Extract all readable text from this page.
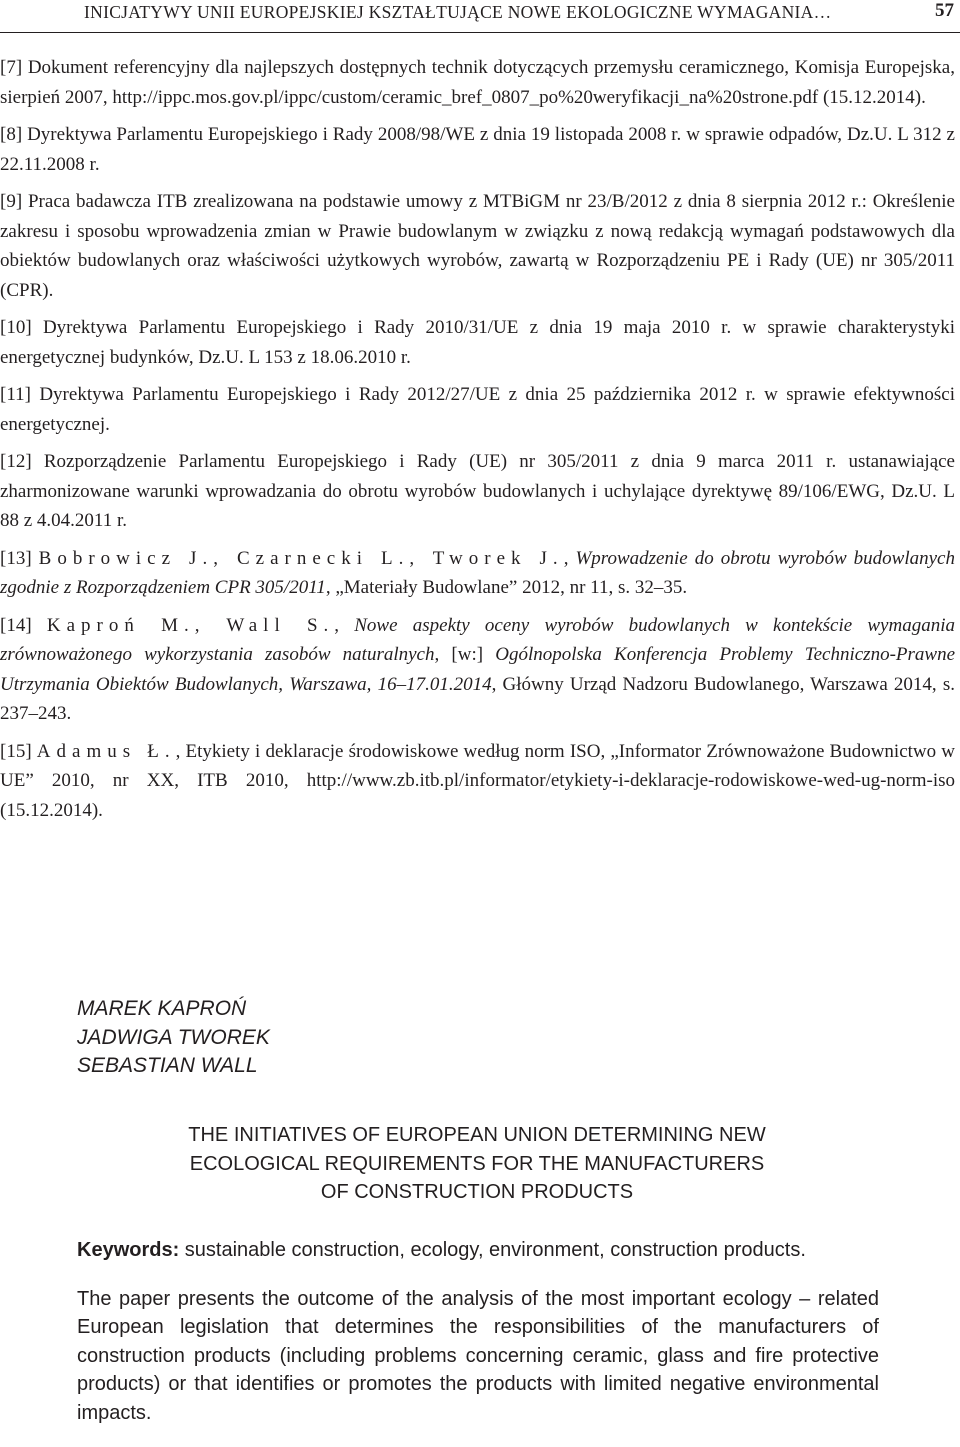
INICJATYWY UNII EUROPEJSKIEJ KSZTAŁTUJĄCE NOWE EKOLOGICZNE WYMAGANIA…	57

[7] Dokument referencyjny dla najlepszych dostępnych technik dotyczących przemysłu ceramicznego, Komisja Europejska, sierpień 2007, http://ippc.mos.gov.pl/ippc/custom/ceramic_bref_0807_po%20weryfikacji_na%20strone.pdf (15.12.2014).

[8] Dyrektywa Parlamentu Europejskiego i Rady 2008/98/WE z dnia 19 listopada 2008 r. w sprawie odpadów, Dz.U. L 312 z 22.11.2008 r.

[9] Praca badawcza ITB zrealizowana na podstawie umowy z MTBiGM nr 23/B/2012 z dnia 8 sierpnia 2012 r.: Określenie zakresu i sposobu wprowadzenia zmian w Prawie budowlanym w związku z nową redakcją wymagań podstawowych dla obiektów budowlanych oraz właściwości użytkowych wyrobów, zawartą w Rozporządzeniu PE i Rady (UE) nr 305/2011 (CPR).

[10] Dyrektywa Parlamentu Europejskiego i Rady 2010/31/UE z dnia 19 maja 2010 r. w sprawie charakterystyki energetycznej budynków, Dz.U. L 153 z 18.06.2010 r.

[11] Dyrektywa Parlamentu Europejskiego i Rady 2012/27/UE z dnia 25 października 2012 r. w sprawie efektywności energetycznej.

[12] Rozporządzenie Parlamentu Europejskiego i Rady (UE) nr 305/2011 z dnia 9 marca 2011 r. ustanawiające zharmonizowane warunki wprowadzania do obrotu wyrobów budowlanych i uchylające dyrektywę 89/106/EWG, Dz.U. L 88 z 4.04.2011 r.

[13] Bobrowicz J., Czarnecki L., Tworek J., Wprowadzenie do obrotu wyrobów budowlanych zgodnie z Rozporządzeniem CPR 305/2011, „Materiały Budowlane” 2012, nr 11, s. 32–35.

[14] Kaproń M., Wall S., Nowe aspekty oceny wyrobów budowlanych w kontekście wymagania zrównoważonego wykorzystania zasobów naturalnych, [w:] Ogólnopolska Konferencja Problemy Techniczno-Prawne Utrzymania Obiektów Budowlanych, Warszawa, 16–17.01.2014, Główny Urząd Nadzoru Budowlanego, Warszawa 2014, s. 237–243.

[15] Adamus Ł., Etykiety i deklaracje środowiskowe według norm ISO, „Informator Zrównoważone Budownictwo w UE” 2010, nr XX, ITB 2010, http://www.zb.itb.pl/informator/etykiety-i-deklaracje-rodowiskowe-wed-ug-norm-iso (15.12.2014).

MAREK KAPROŃ
JADWIGA TWOREK
SEBASTIAN WALL
THE INITIATIVES OF EUROPEAN UNION DETERMINING NEW
ECOLOGICAL REQUIREMENTS FOR THE MANUFACTURERS
OF CONSTRUCTION PRODUCTS

Keywords: sustainable construction, ecology, environment, construction products.

The paper presents the outcome of the analysis of the most important ecology – related European legislation that determines the responsibilities of the manufacturers of construction products (including problems concerning ceramic, glass and fire protective products) or that identifies or promotes the products with limited negative environmental impacts.
